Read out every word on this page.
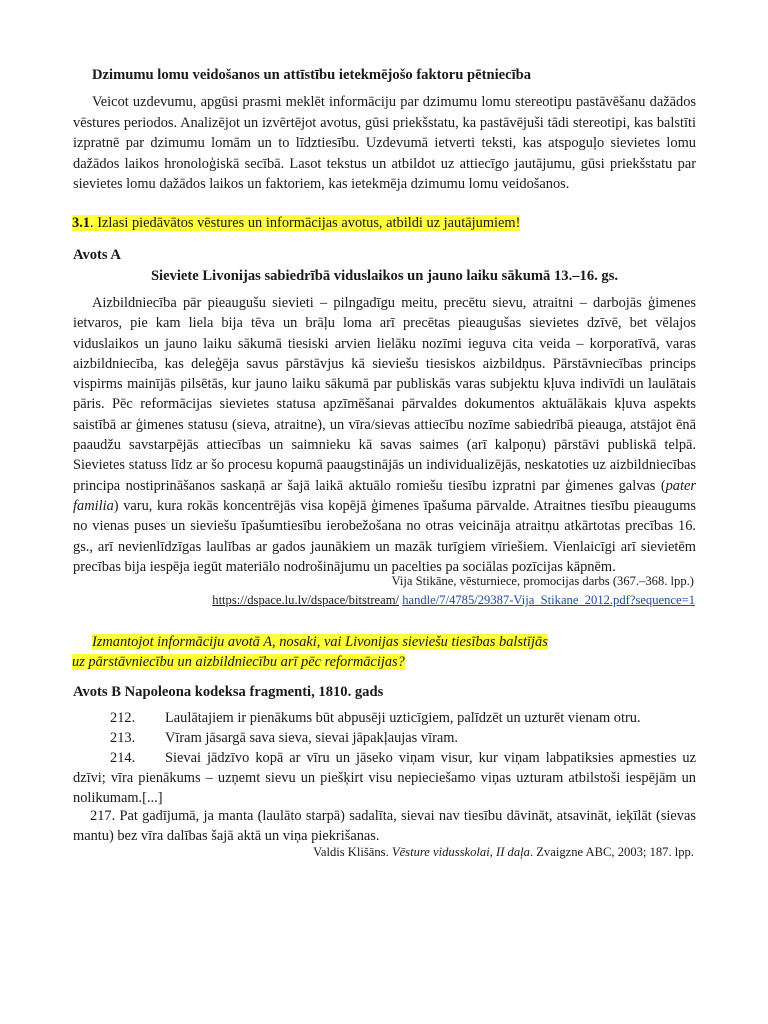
Dzimumu lomu veidošanos un attīstību ietekmējošo faktoru pētniecība
Veicot uzdevumu, apgūsi prasmi meklēt informāciju par dzimumu lomu stereotipu pastāvēšanu dažādos vēstures periodos. Analizējot un izvērtējot avotus, gūsi priekšstatu, ka pastāvējuši tādi stereotipi, kas balstīti izpratnē par dzimumu lomām un to līdztiesību. Uzdevumā ietverti teksti, kas atspoguļo sievietes lomu dažādos laikos hronoloģiskā secībā. Lasot tekstus un atbildot uz attiecīgo jautājumu, gūsi priekšstatu par sievietes lomu dažādos laikos un faktoriem, kas ietekmēja dzimumu lomu veidošanos.
3.1. Izlasi piedāvātos vēstures un informācijas avotus, atbildi uz jautājumiem!
Avots A
Sieviete Livonijas sabiedrībā viduslaikos un jauno laiku sākumā 13.–16. gs.
Aizbildniecība pār pieaugušu sievieti – pilngadīgu meitu, precētu sievu, atraitni – darbojās ģimenes ietvaros, pie kam liela bija tēva un brāļu loma arī precētas pieaugušas sievietes dzīvē, bet vēlajos viduslaikos un jauno laiku sākumā tiesiski arvien lielāku nozīmi ieguva cita veida – korporatīvā, varas aizbildniecība, kas deleģēja savus pārstāvjus kā sieviešu tiesiskos aizbildņus. Pārstāvniecības princips vispirms mainījās pilsētās, kur jauno laiku sākumā par publiskās varas subjektu kļuva indivīdi un laulātais pāris. Pēc reformācijas sievietes statusa apzīmēšanai pārvaldes dokumentos aktuālākais kļuva aspekts saistībā ar ģimenes statusu (sieva, atraitne), un vīra/sievas attiecību nozīme sabiedrībā pieauga, atstājot ēnā paaudžu savstarpējās attiecības un saimnieku kā savas saimes (arī kalpoņu) pārstāvi publiskā telpā. Sievietes statuss līdz ar šo procesu kopumā paaugstinājās un individualizējās, neskatoties uz aizbildniecības principa nostiprināšanos saskaņā ar šajā laikā aktuālo romiešu tiesību izpratni par ģimenes galvas (pater familia) varu, kura rokās koncentrējās visa kopējā ģimenes īpašuma pārvalde. Atraitnes tiesību pieaugums no vienas puses un sieviešu īpašumtiesību ierobežošana no otras veicināja atraitņu atkārtotas precības 16. gs., arī nevienlīdzīgas laulības ar gados jaunākiem un mazāk turīgiem vīriešiem. Vienlaicīgi arī sievietēm precības bija iespēja iegūt materiālo nodrošinājumu un pacelties pa sociālas pozīcijas kāpnēm.
Vija Stikāne, vēsturniece, promocijas darbs (367.–368. lpp.)
https://dspace.lu.lv/dspace/bitstream/ handle/7/4785/29387-Vija_Stikane_2012.pdf?sequence=1
Izmantojot informāciju avotā A, nosaki, vai Livonijas sieviešu tiesības balstījās
uz pārstāvniecību un aizbildniecību arī pēc reformācijas?
Avots B Napoleona kodeksa fragmenti, 1810. gads
212. Laulātajiem ir pienākums būt abpusēji uzticīgiem, palīdzēt un uzturēt vienam otru.
213. Vīram jāsargā sava sieva, sievai jāpakļaujas vīram.
214. Sievai jādzīvo kopā ar vīru un jāseko viņam visur, kur viņam labpatiksies apmesties uz dzīvi; vīra pienākums – uzņemt sievu un piešķirt visu nepieciešamo viņas uzturam atbilstoši iespējām un nolikumam.[...]
217. Pat gadījumā, ja manta (laulāto starpā) sadalīta, sievai nav tiesību dāvināt, atsavināt, ieķīlāt (sievas mantu) bez vīra dalības šajā aktā un viņa piekrišanas.
Valdis Klišāns. Vēsture vidusskolai, II daļa. Zvaigzne ABC, 2003; 187. lpp.
